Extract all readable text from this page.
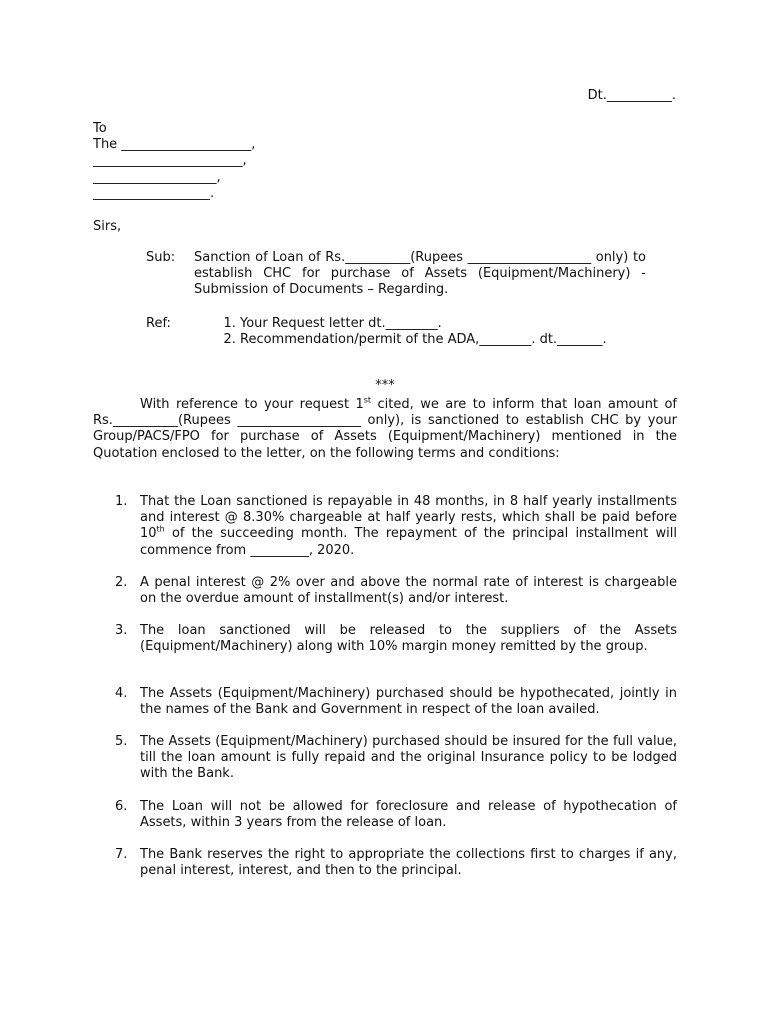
Dt.__________.
To
The ____________________,
_______________________,
___________________,
__________________.
Sirs,
Sub: Sanction of Loan of Rs.__________(Rupees ___________________ only) to establish CHC for purchase of Assets (Equipment/Machinery) - Submission of Documents – Regarding.
Ref:
1.	Your Request letter dt.________.
2. Recommendation/permit of the ADA,________. dt._______.
***
With reference to your request 1st cited, we are to inform that loan amount of Rs.__________(Rupees ___________________ only), is sanctioned to establish CHC by your Group/PACS/FPO for purchase of Assets (Equipment/Machinery) mentioned in the Quotation enclosed to the letter, on the following terms and conditions:
1. That the Loan sanctioned is repayable in 48 months, in 8 half yearly installments and interest @ 8.30% chargeable at half yearly rests, which shall be paid before 10th of the succeeding month. The repayment of the principal installment will commence from _________, 2020.
2. A penal interest @ 2% over and above the normal rate of interest is chargeable on the overdue amount of installment(s) and/or interest.
3. The loan sanctioned will be released to the suppliers of the Assets (Equipment/Machinery) along with 10% margin money remitted by the group.
4. The Assets (Equipment/Machinery) purchased should be hypothecated, jointly in the names of the Bank and Government in respect of the loan availed.
5. The Assets (Equipment/Machinery) purchased should be insured for the full value, till the loan amount is fully repaid and the original Insurance policy to be lodged with the Bank.
6. The Loan will not be allowed for foreclosure and release of hypothecation of Assets, within 3 years from the release of loan.
7. The Bank reserves the right to appropriate the collections first to charges if any, penal interest, interest, and then to the principal.
